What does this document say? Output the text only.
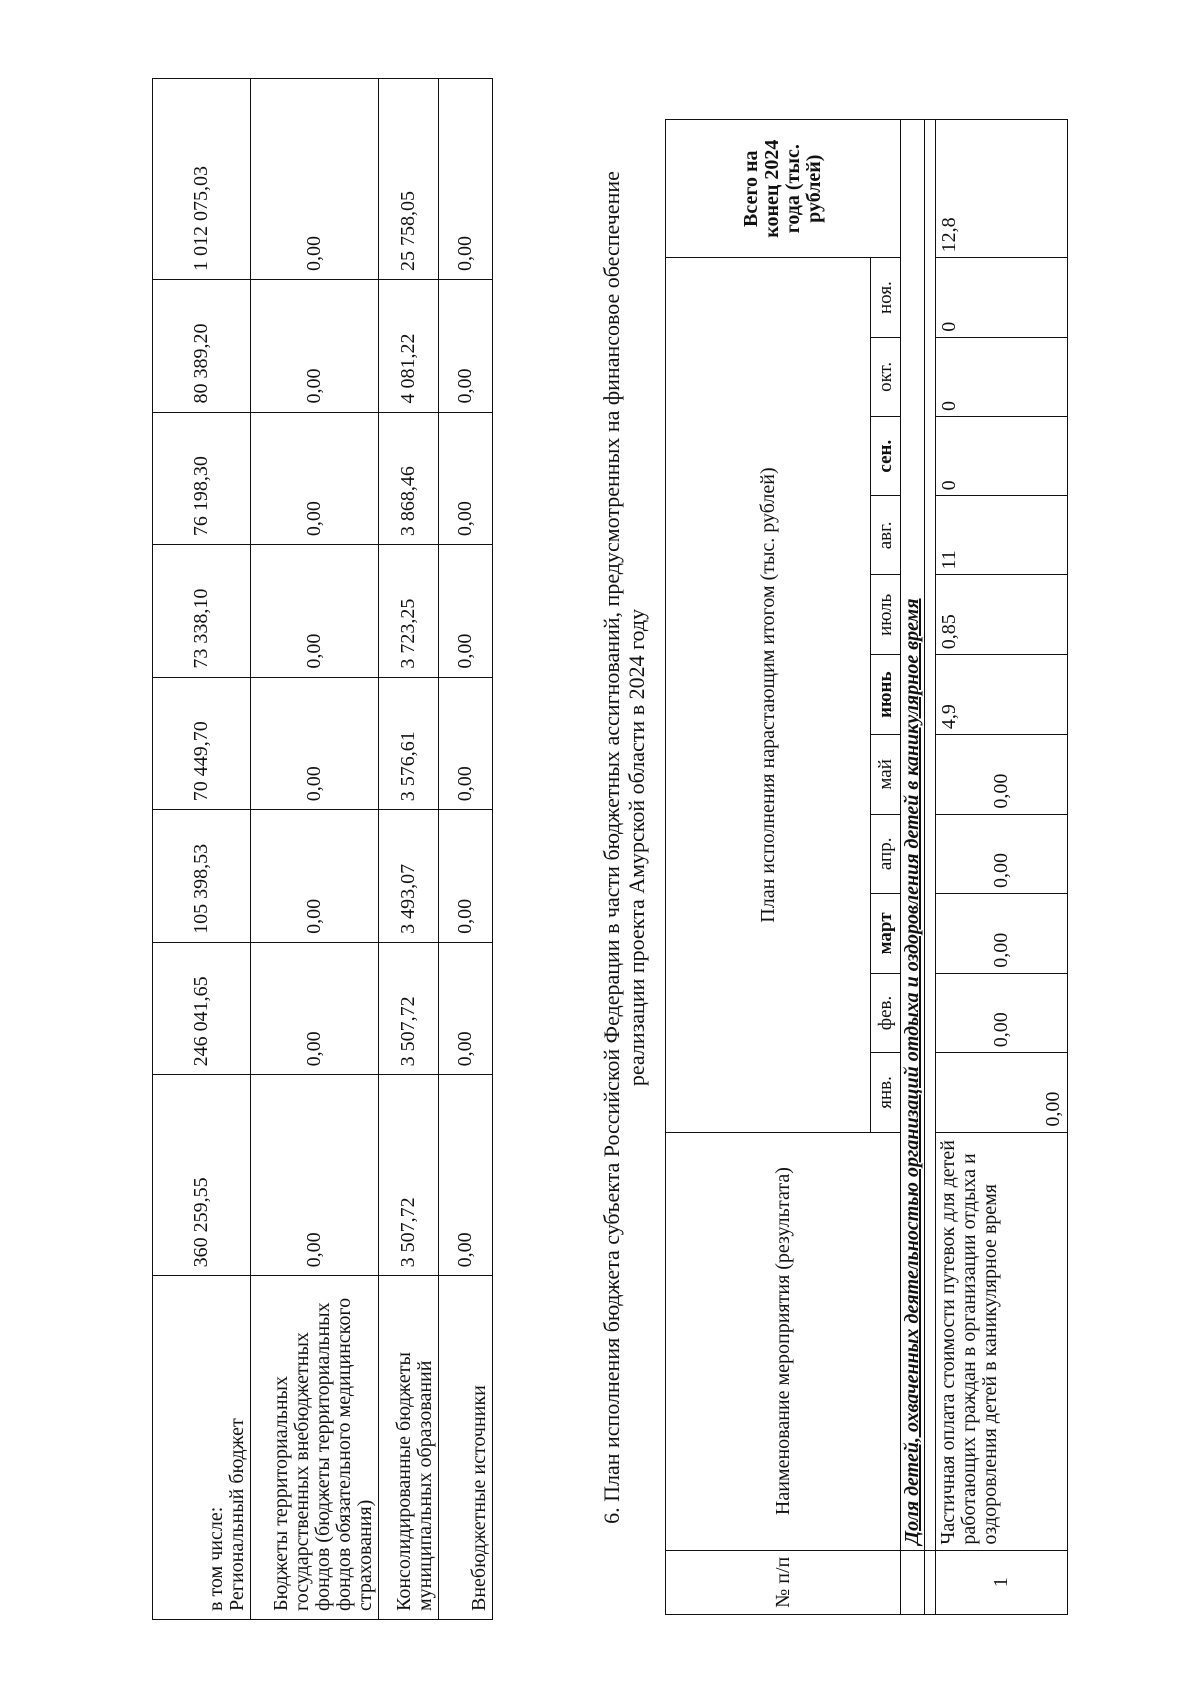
в том числе:
Региональный бюджет	360 259,55	246 041,65	105 398,53	70 449,70	73 338,10	76 198,30	80 389,20	1 012 075,03
Бюджеты территориальных государственных внебюджетных фондов (бюджеты территориальных фондов обязательного медицинского страхования)	0,00	0,00	0,00	0,00	0,00	0,00	0,00	0,00
Консолидированные бюджеты муниципальных образований	3 507,72	3 507,72	3 493,07	3 576,61	3 723,25	3 868,46	4 081,22	25 758,05
Внебюджетные источники	0,00	0,00	0,00	0,00	0,00	0,00	0,00	0,00	6. План исполнения бюджета субъекта Российской Федерации в части бюджетных ассигнований, предусмотренных на финансовое обеспечение реализации проекта Амурской области в 2024 году
№ п/п	Наименование мероприятия (результата)	План исполнения нарастающим итогом (тыс. рублей)											Всего на конец 2024 года (тыс. рублей)
		янв.	фев.	март	апр.	май	июнь	июль	авг.	сен.	окт.	ноя.	
	Доля детей, охваченных деятельностью организаций отдыха и оздоровления детей в каникулярное время												

1	Частичная оплата стоимости путевок для детей работающих граждан в организации отдыха и оздоровления детей в каникулярное время	0,00	0,00	0,00	0,00	0,00	4,9	0,85	11	0	0	0	12,8
